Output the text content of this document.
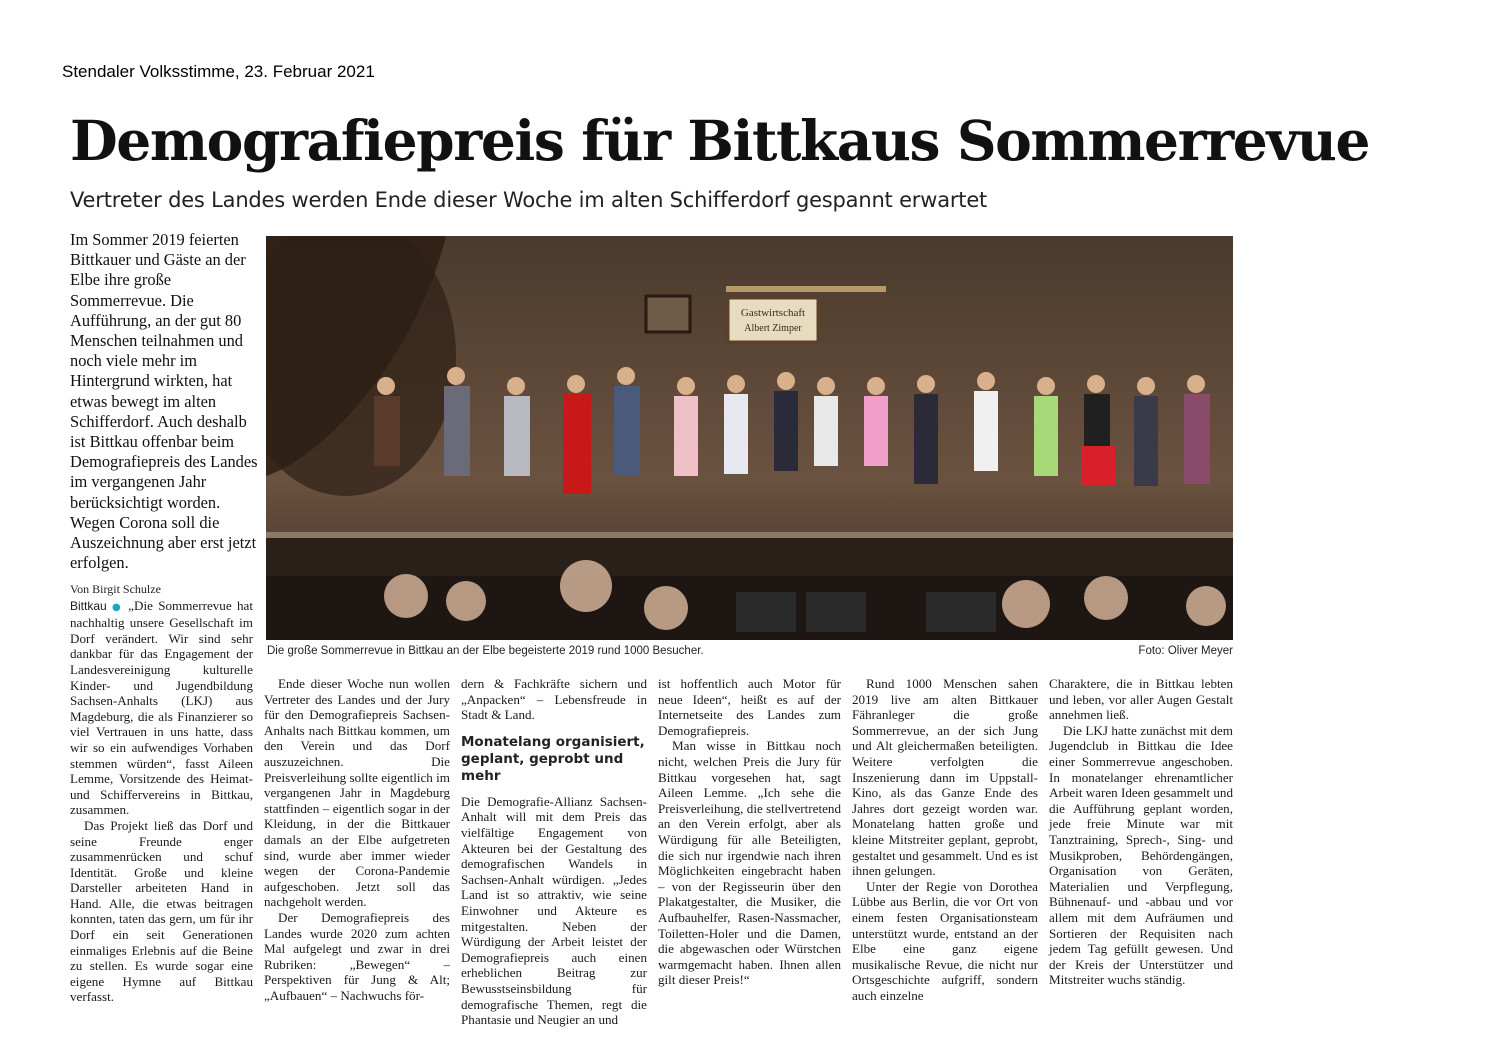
Stendaler Volksstimme, 23. Februar 2021
Demografiepreis für Bittkaus Sommerrevue
Vertreter des Landes werden Ende dieser Woche im alten Schifferdorf gespannt erwartet
Im Sommer 2019 feierten Bittkauer und Gäste an der Elbe ihre große Sommerrevue. Die Aufführung, an der gut 80 Menschen teilnahmen und noch viele mehr im Hintergrund wirkten, hat etwas bewegt im alten Schifferdorf. Auch deshalb ist Bittkau offenbar beim Demografiepreis des Landes im vergangenen Jahr berücksichtigt worden. Wegen Corona soll die Auszeichnung aber erst jetzt erfolgen.
Gastwirtschaft
Albert Zimper
Die große Sommerrevue in Bittkau an der Elbe begeisterte 2019 rund 1000 Besucher.	Foto: Oliver Meyer
Von Birgit Schulze

Bittkau ● „Die Sommerrevue hat nachhaltig unsere Gesellschaft im Dorf verändert. Wir sind sehr dankbar für das Engagement der Landesvereinigung kulturelle Kinder- und Jugendbildung Sachsen-Anhalts (LKJ) aus Magdeburg, die als Finanzierer so viel Vertrauen in uns hatte, dass wir so ein aufwendiges Vorhaben stemmen würden“, fasst Aileen Lemme, Vorsitzende des Heimat- und Schiffervereins in Bittkau, zusammen.

Das Projekt ließ das Dorf und seine Freunde enger zusammenrücken und schuf Identität. Große und kleine Darsteller arbeiteten Hand in Hand. Alle, die etwas beitragen konnten, taten das gern, um für ihr Dorf ein seit Generationen einmaliges Erlebnis auf die Beine zu stellen. Es wurde sogar eine eigene Hymne auf Bittkau verfasst.

Ende dieser Woche nun wollen Vertreter des Landes und der Jury für den Demografiepreis Sachsen-Anhalts nach Bittkau kommen, um den Verein und das Dorf auszuzeichnen. Die Preisverleihung sollte eigentlich im vergangenen Jahr in Magdeburg stattfinden – eigentlich sogar in der Kleidung, in der die Bittkauer damals an der Elbe aufgetreten sind, wurde aber immer wieder wegen der Corona-Pandemie aufgeschoben. Jetzt soll das nachgeholt werden.

Der Demografiepreis des Landes wurde 2020 zum achten Mal aufgelegt und zwar in drei Rubriken: „Bewegen“ – Perspektiven für Jung & Alt; „Aufbauen“ – Nachwuchs för-

dern & Fachkräfte sichern und „Anpacken“ – Lebensfreude in Stadt & Land.

Monatelang organisiert, geplant, geprobt und mehr

Die Demografie-Allianz Sachsen-Anhalt will mit dem Preis das vielfältige Engagement von Akteuren bei der Gestaltung des demografischen Wandels in Sachsen-Anhalt würdigen. „Jedes Land ist so attraktiv, wie seine Einwohner und Akteure es mitgestalten. Neben der Würdigung der Arbeit leistet der Demografiepreis auch einen erheblichen Beitrag zur Bewusstseinsbildung für demografische Themen, regt die Phantasie und Neugier an und

ist hoffentlich auch Motor für neue Ideen“, heißt es auf der Internetseite des Landes zum Demografiepreis.

Man wisse in Bittkau noch nicht, welchen Preis die Jury für Bittkau vorgesehen hat, sagt Aileen Lemme. „Ich sehe die Preisverleihung, die stellvertretend an den Verein erfolgt, aber als Würdigung für alle Beteiligten, die sich nur irgendwie nach ihren Möglichkeiten eingebracht haben – von der Regisseurin über den Plakatgestalter, die Musiker, die Aufbauhelfer, Rasen-Nassmacher, Toiletten-Holer und die Damen, die abgewaschen oder Würstchen warmgemacht haben. Ihnen allen gilt dieser Preis!“

Rund 1000 Menschen sahen 2019 live am alten Bittkauer Fähranleger die große Sommerrevue, an der sich Jung und Alt gleichermaßen beteiligten. Weitere verfolgten die Inszenierung dann im Uppstall-Kino, als das Ganze Ende des Jahres dort gezeigt worden war. Monatelang hatten große und kleine Mitstreiter geplant, geprobt, gestaltet und gesammelt. Und es ist ihnen gelungen.

Unter der Regie von Dorothea Lübbe aus Berlin, die vor Ort von einem festen Organisationsteam unterstützt wurde, entstand an der Elbe eine ganz eigene musikalische Revue, die nicht nur Ortsgeschichte aufgriff, sondern auch einzelne

Charaktere, die in Bittkau lebten und leben, vor aller Augen Gestalt annehmen ließ.

Die LKJ hatte zunächst mit dem Jugendclub in Bittkau die Idee einer Sommerrevue angeschoben. In monatelanger ehrenamtlicher Arbeit waren Ideen gesammelt und die Aufführung geplant worden, jede freie Minute war mit Tanztraining, Sprech-, Sing- und Musikproben, Behördengängen, Organisation von Geräten, Materialien und Verpflegung, Bühnenauf- und -abbau und vor allem mit dem Aufräumen und Sortieren der Requisiten nach jedem Tag gefüllt gewesen. Und der Kreis der Unterstützer und Mitstreiter wuchs ständig.
